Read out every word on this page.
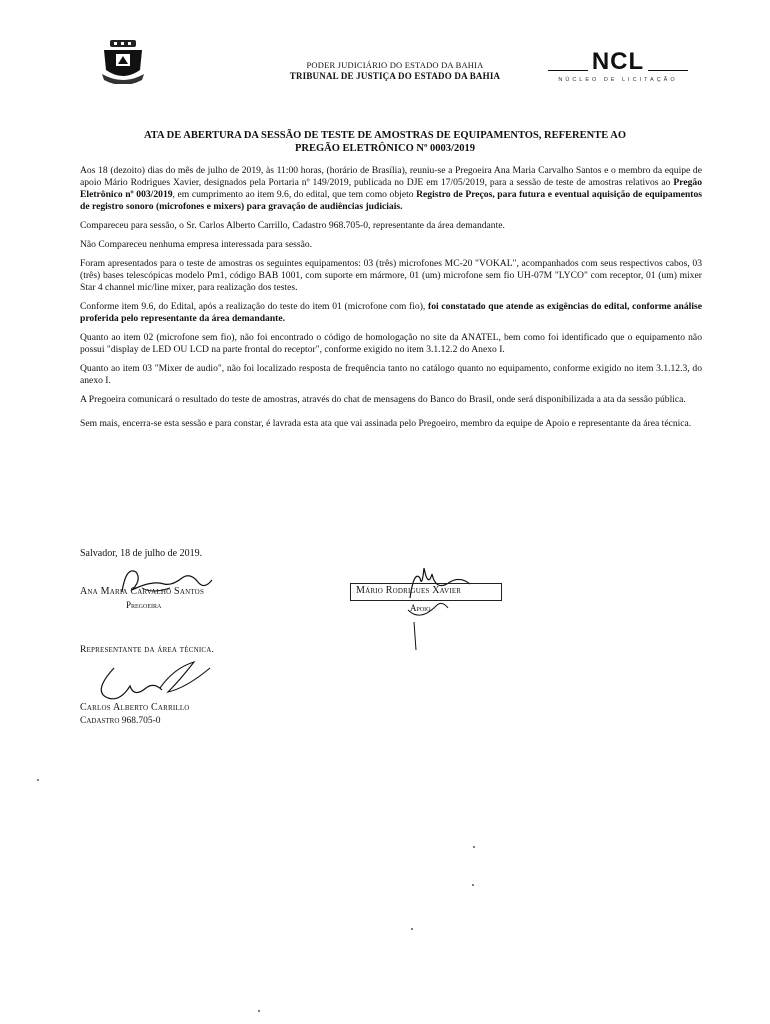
PODER JUDICIÁRIO DO ESTADO DA BAHIA
TRIBUNAL DE JUSTIÇA DO ESTADO DA BAHIA
NCL
NÚCLEO DE LICITAÇÃO
ATA DE ABERTURA DA SESSÃO DE TESTE DE AMOSTRAS DE EQUIPAMENTOS, REFERENTE AO
PREGÃO ELETRÔNICO Nº 0003/2019

Aos 18 (dezoito) dias do mês de julho de 2019, às 11:00 horas, (horário de Brasília), reuniu-se a Pregoeira Ana Maria Carvalho Santos e o membro da equipe de apoio Mário Rodrigues Xavier, designados pela Portaria nº 149/2019, publicada no DJE em 17/05/2019, para a sessão de teste de amostras relativos ao Pregão Eletrônico nº 003/2019, em cumprimento ao item 9.6, do edital, que tem como objeto Registro de Preços, para futura e eventual aquisição de equipamentos de registro sonoro (microfones e mixers) para gravação de audiências judiciais.

Compareceu para sessão, o Sr. Carlos Alberto Carrillo, Cadastro 968.705-0, representante da área demandante.

Não Compareceu nenhuma empresa interessada para sessão.

Foram apresentados para o teste de amostras os seguintes equipamentos: 03 (três) microfones MC-20 "VOKAL", acompanhados com seus respectivos cabos, 03 (três) bases telescópicas modelo Pm1, código BAB 1001, com suporte em mármore, 01 (um) microfone sem fio UH-07M "LYCO" com receptor, 01 (um) mixer Star 4 channel mic/line mixer, para realização dos testes.

Conforme item 9.6, do Edital, após a realização do teste do item 01 (microfone com fio), foi constatado que atende as exigências do edital, conforme análise proferida pelo representante da área demandante.

Quanto ao item 02 (microfone sem fio), não foi encontrado o código de homologação no site da ANATEL, bem como foi identificado que o equipamento não possui "display de LED OU LCD na parte frontal do receptor", conforme exigido no item 3.1.12.2 do Anexo I.

Quanto ao item 03 "Mixer de audio", não foi localizado resposta de frequência tanto no catálogo quanto no equipamento, conforme exigido no item 3.1.12.3, do anexo I.

A Pregoeira comunicará o resultado do teste de amostras, através do chat de mensagens do Banco do Brasil, onde será disponibilizada a ata da sessão pública.

Sem mais, encerra-se esta sessão e para constar, é lavrada esta ata que vai assinada pelo Pregoeiro, membro da equipe de Apoio e representante da área técnica.

Salvador, 18 de julho de 2019.
Ana Maria Carvalho Santos
Pregoeira
Mário Rodrigues Xavier
Apoio
Representante da área técnica.
Carlos Alberto Carrillo
Cadastro 968.705-0
